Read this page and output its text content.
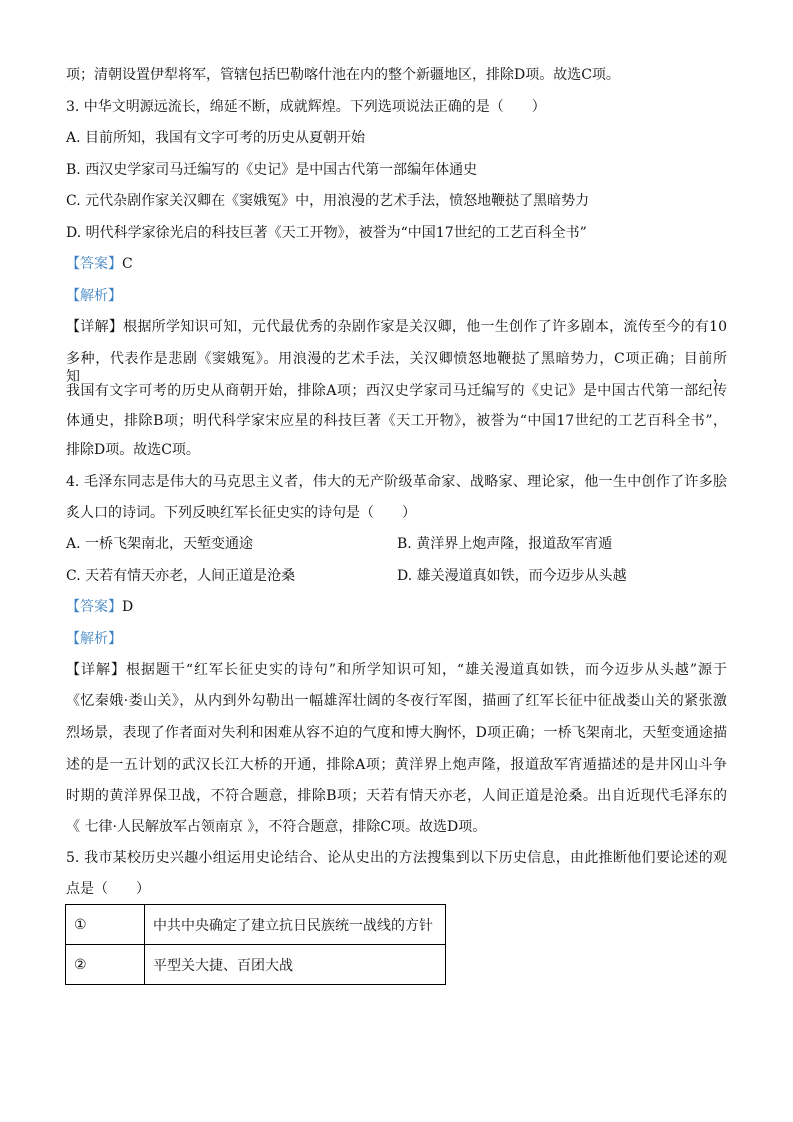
项；清朝设置伊犁将军，管辖包括巴勒喀什池在内的整个新疆地区，排除D项。故选C项。
3. 中华文明源远流长，绵延不断，成就辉煌。下列选项说法正确的是（　　）
A. 目前所知，我国有文字可考的历史从夏朝开始
B. 西汉史学家司马迁编写的《史记》是中国古代第一部编年体通史
C. 元代杂剧作家关汉卿在《窦娥冤》中，用浪漫的艺术手法，愤怒地鞭挞了黑暗势力
D. 明代科学家徐光启的科技巨著《天工开物》，被誉为“中国17世纪的工艺百科全书”
【答案】C
【解析】
【详解】根据所学知识可知，元代最优秀的杂剧作家是关汉卿，他一生创作了许多剧本，流传至今的有10
多种，代表作是悲剧《窦娥冤》。用浪漫的艺术手法，关汉卿愤怒地鞭挞了黑暗势力，C项正确；目前所知，
我国有文字可考的历史从商朝开始，排除A项；西汉史学家司马迁编写的《史记》是中国古代第一部纪传
体通史，排除B项；明代科学家宋应星的科技巨著《天工开物》，被誉为“中国17世纪的工艺百科全书”，
排除D项。故选C项。
4. 毛泽东同志是伟大的马克思主义者，伟大的无产阶级革命家、战略家、理论家，他一生中创作了许多脍
炙人口的诗词。下列反映红军长征史实的诗句是（　　）
A. 一桥飞架南北，天堑变通途	B. 黄洋界上炮声隆，报道敌军宵遁
C. 天若有情天亦老，人间正道是沧桑	D. 雄关漫道真如铁，而今迈步从头越
【答案】D
【解析】
【详解】根据题干“红军长征史实的诗句”和所学知识可知，“雄关漫道真如铁，而今迈步从头越”源于
《忆秦娥·娄山关》，从内到外勾勒出一幅雄浑壮阔的冬夜行军图，描画了红军长征中征战娄山关的紧张激
烈场景，表现了作者面对失利和困难从容不迫的气度和博大胸怀，D项正确；一桥飞架南北，天堑变通途描
述的是一五计划的武汉长江大桥的开通，排除A项；黄洋界上炮声隆，报道敌军宵遁描述的是井冈山斗争
时期的黄洋界保卫战，不符合题意，排除B项；天若有情天亦老，人间正道是沧桑。出自近现代毛泽东的
《 七律·人民解放军占领南京 》，不符合题意，排除C项。故选D项。
5. 我市某校历史兴趣小组运用史论结合、论从史出的方法搜集到以下历史信息，由此推断他们要论述的观
点是（　　）
①	中共中央确定了建立抗日民族统一战线的方针
②	平型关大捷、百团大战
